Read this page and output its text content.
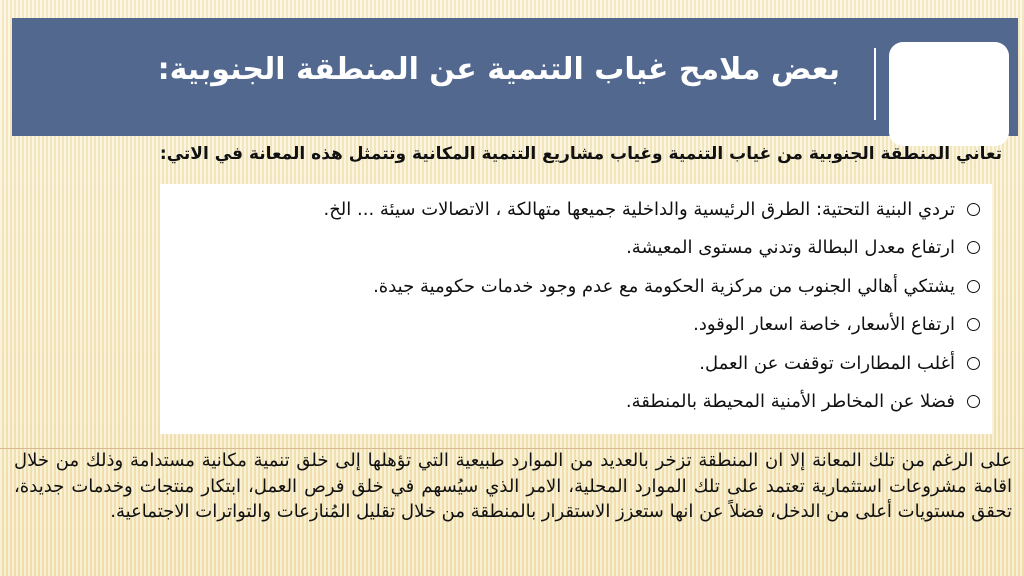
بعض ملامح غياب التنمية عن المنطقة الجنوبية:
تعاني المنطقة الجنوبية من غياب التنمية وغياب مشاريع التنمية المكانية وتتمثل هذه المعانة في الاتي:
تردي البنية التحتية: الطرق الرئيسية والداخلية جميعها متهالكة ، الاتصالات سيئة ... الخ.
ارتفاع معدل البطالة وتدني مستوى المعيشة.
يشتكي أهالي الجنوب من مركزية الحكومة مع عدم وجود خدمات حكومية جيدة.
ارتفاع الأسعار، خاصة اسعار الوقود.
أغلب المطارات توقفت عن العمل.
فضلا عن المخاطر الأمنية المحيطة بالمنطقة.
على الرغم من تلك المعانة إلا ان المنطقة تزخر بالعديد من الموارد طبيعية التي تؤهلها إلى خلق تنمية مكانية مستدامة وذلك من خلال اقامة مشروعات استثمارية تعتمد على تلك الموارد المحلية، الامر الذي سيُسهم في خلق فرص العمل، ابتكار منتجات وخدمات جديدة، تحقق مستويات أعلى من الدخل، فضلاً عن انها ستعزز الاستقرار بالمنطقة من خلال تقليل المُنازعات والتواترات الاجتماعية.
